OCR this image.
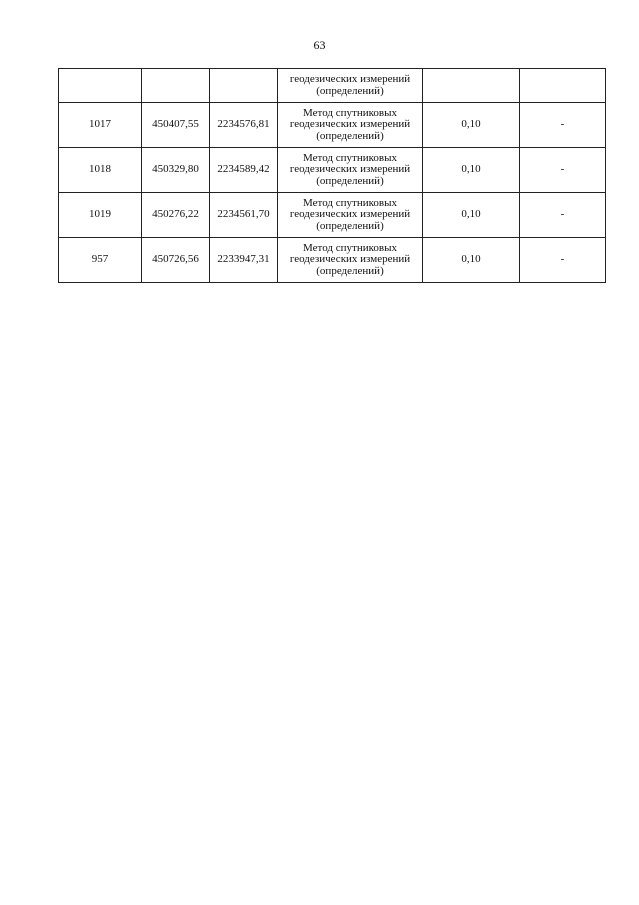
63
			геодезических измерений
(определений)		
1017	450407,55	2234576,81	Метод спутниковых
геодезических измерений
(определений)	0,10	-
1018	450329,80	2234589,42	Метод спутниковых
геодезических измерений
(определений)	0,10	-
1019	450276,22	2234561,70	Метод спутниковых
геодезических измерений
(определений)	0,10	-
957	450726,56	2233947,31	Метод спутниковых
геодезических измерений
(определений)	0,10	-
